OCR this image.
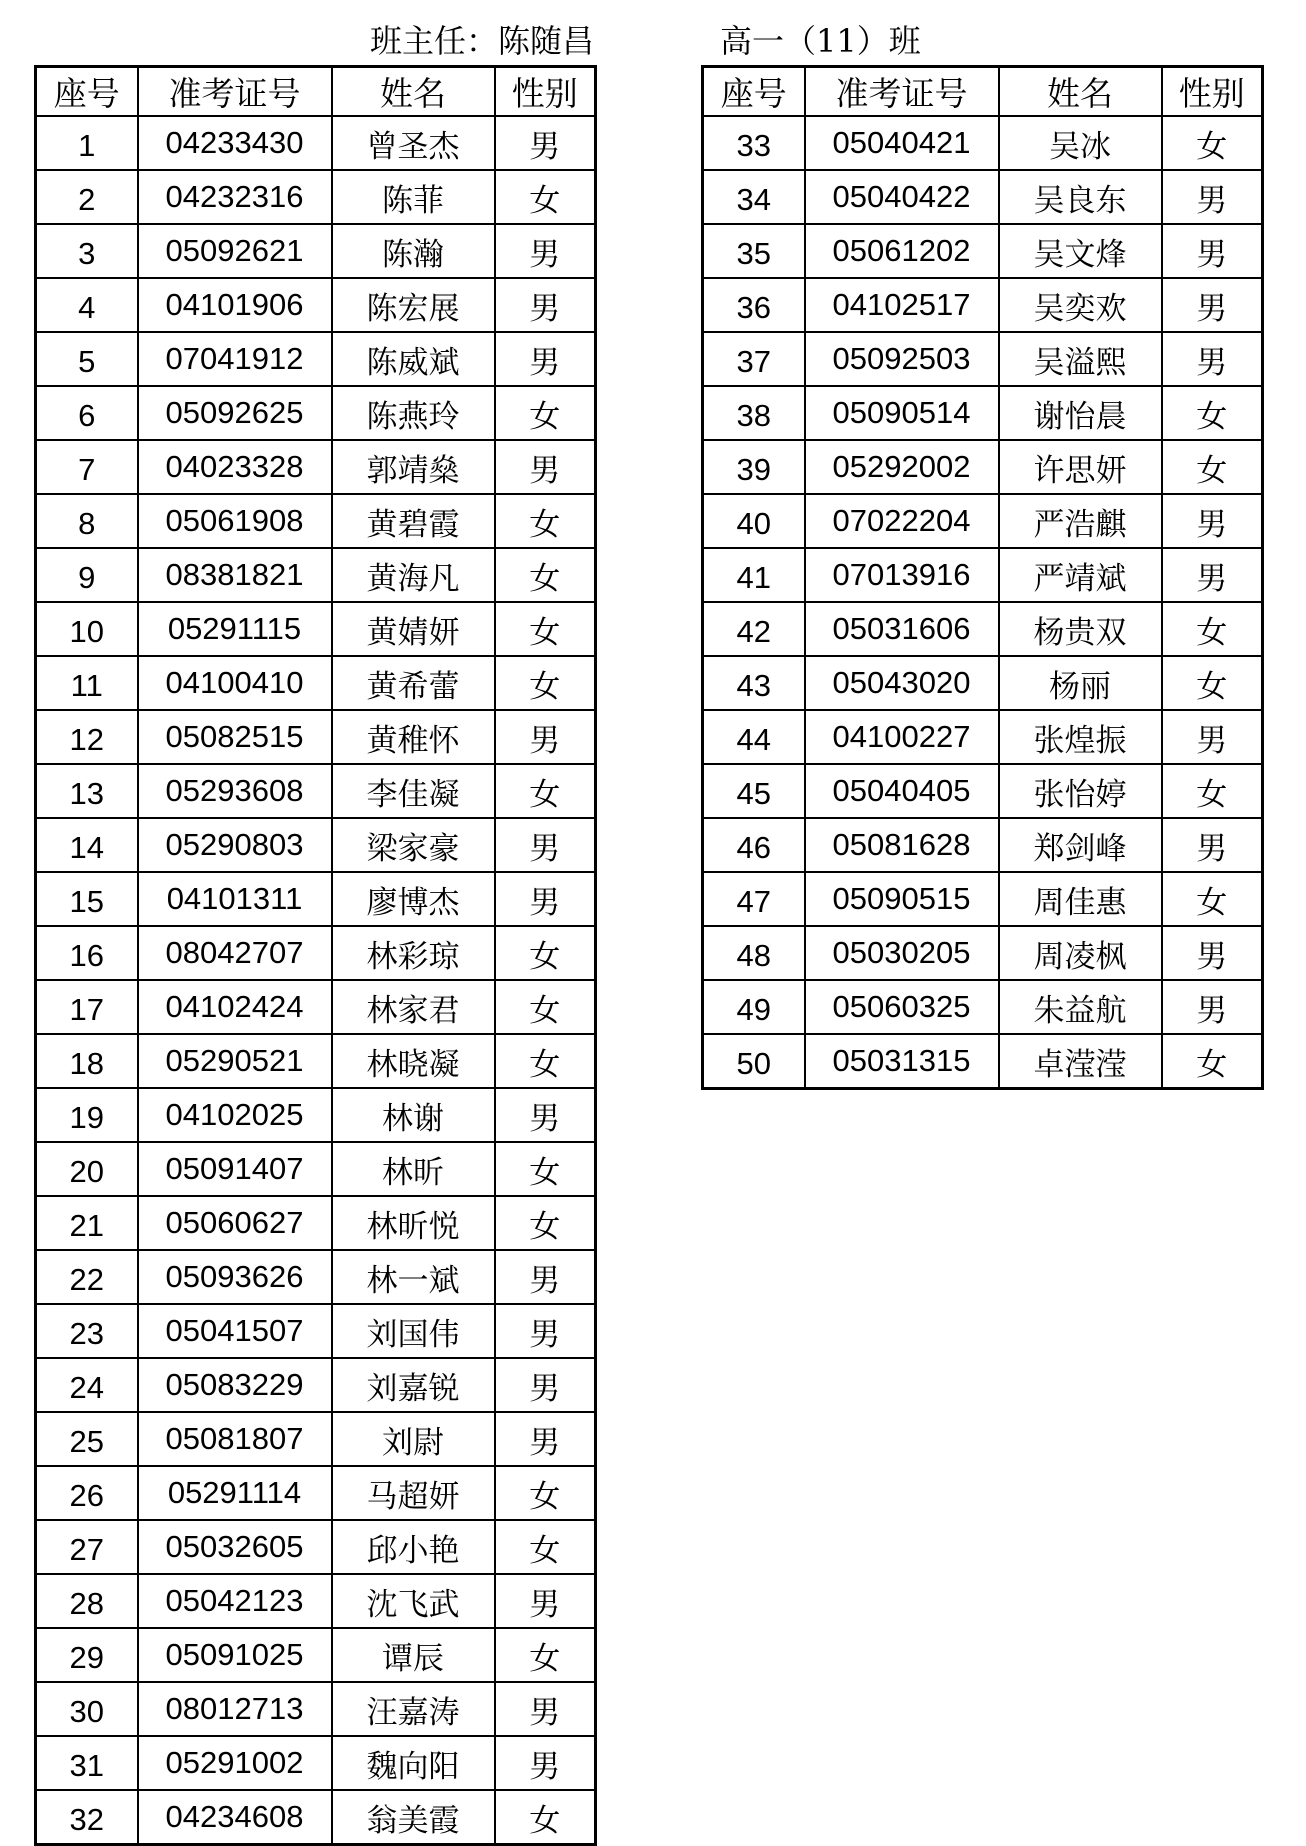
班主任：陈随昌	高一（11）班
座号	准考证号	姓名	性别
1	04233430	曾圣杰	男
2	04232316	陈菲	女
3	05092621	陈瀚	男
4	04101906	陈宏展	男
5	07041912	陈威斌	男
6	05092625	陈燕玲	女
7	04023328	郭靖燊	男
8	05061908	黄碧霞	女
9	08381821	黄海凡	女
10	05291115	黄婧妍	女
11	04100410	黄希蕾	女
12	05082515	黄稚怀	男
13	05293608	李佳凝	女
14	05290803	梁家豪	男
15	04101311	廖博杰	男
16	08042707	林彩琼	女
17	04102424	林家君	女
18	05290521	林晓凝	女
19	04102025	林谢	男
20	05091407	林昕	女
21	05060627	林昕悦	女
22	05093626	林一斌	男
23	05041507	刘国伟	男
24	05083229	刘嘉锐	男
25	05081807	刘尉	男
26	05291114	马超妍	女
27	05032605	邱小艳	女
28	05042123	沈飞武	男
29	05091025	谭辰	女
30	08012713	汪嘉涛	男
31	05291002	魏向阳	男
32	04234608	翁美霞	女
座号	准考证号	姓名	性别
33	05040421	吴冰	女
34	05040422	吴良东	男
35	05061202	吴文烽	男
36	04102517	吴奕欢	男
37	05092503	吴溢熙	男
38	05090514	谢怡晨	女
39	05292002	许思妍	女
40	07022204	严浩麒	男
41	07013916	严靖斌	男
42	05031606	杨贵双	女
43	05043020	杨丽	女
44	04100227	张煌振	男
45	05040405	张怡婷	女
46	05081628	郑剑峰	男
47	05090515	周佳惠	女
48	05030205	周凌枫	男
49	05060325	朱益航	男
50	05031315	卓滢滢	女
